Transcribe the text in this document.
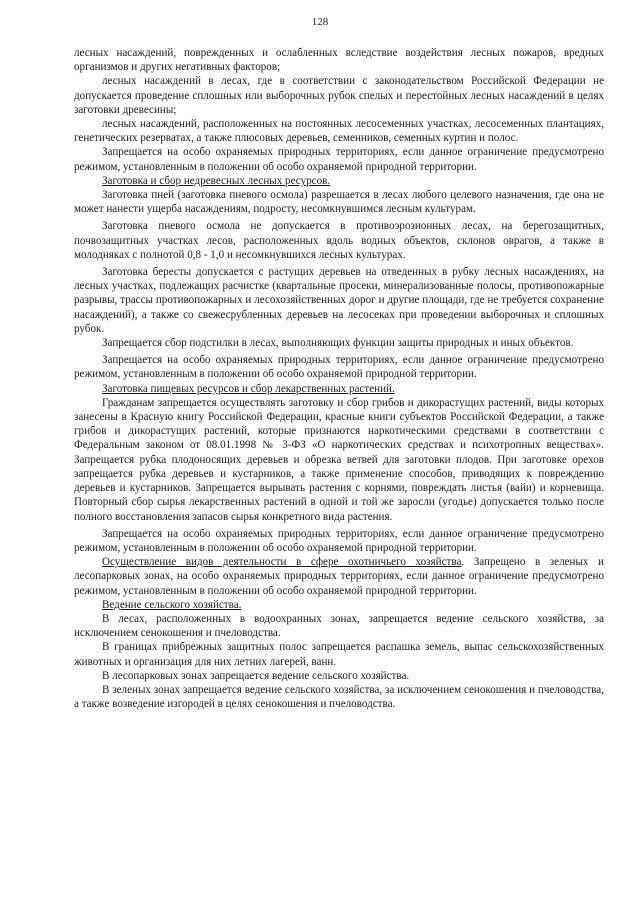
128

лесных насаждений, поврежденных и ослабленных вследствие воздействия лесных пожаров, вредных организмов и других негативных факторов;

лесных насаждений в лесах, где в соответствии с законодательством Российской Федерации не допускается проведение сплошных или выборочных рубок спелых и перестойных лесных насаждений в целях заготовки древесины;

лесных насаждений, расположенных на постоянных лесосеменных участках, лесосеменных плантациях, генетических резерватах, а также плюсовых деревьев, семенников, семенных куртин и полос.

Запрещается на особо охраняемых природных территориях, если данное ограничение предусмотрено режимом, установленным в положении об особо охраняемой природной территории.

Заготовка и сбор недревесных лесных ресурсов.

Заготовка пней (заготовка пневого осмола) разрешается в лесах любого целевого назначения, где она не может нанести ущерба насаждениям, подросту, несомкнувшимся лесным культурам.

Заготовка пневого осмола не допускается в противоэрозионных лесах, на берегозащитных, почвозащитных участках лесов, расположенных вдоль водных объектов, склонов оврагов, а также в молодняках с полнотой 0,8 - 1,0 и несомкнувшихся лесных культурах.

Заготовка бересты допускается с растущих деревьев на отведенных в рубку лесных насаждениях, на лесных участках, подлежащих расчистке (квартальные просеки, минерализованные полосы, противопожарные разрывы, трассы противопожарных и лесохозяйственных дорог и другие площади, где не требуется сохранение насаждений), а также со свежесрубленных деревьев на лесосеках при проведении выборочных и сплошных рубок.

Запрещается сбор подстилки в лесах, выполняющих функции защиты природных и иных объектов.

Запрещается на особо охраняемых природных территориях, если данное ограничение предусмотрено режимом, установленным в положении об особо охраняемой природной территории.

Заготовка пищевых ресурсов и сбор лекарственных растений.

Гражданам запрещается осуществлять заготовку и сбор грибов и дикорастущих растений, виды которых занесены в Красную книгу Российской Федерации, красные книги субъектов Российской Федерации, а также грибов и дикорастущих растений, которые признаются наркотическими средствами в соответствии с Федеральным законом от 08.01.1998 № 3-ФЗ «О наркотических средствах и психотропных веществах». Запрещается рубка плодоносящих деревьев и обрезка ветвей для заготовки плодов. При заготовке орехов запрещается рубка деревьев и кустарников, а также применение способов, приводящих к повреждению деревьев и кустарников. Запрещается вырывать растения с корнями, повреждать листья (вайи) и корневища. Повторный сбор сырья лекарственных растений в одной и той же заросли (угодье) допускается только после полного восстановления запасов сырья конкретного вида растения.

Запрещается на особо охраняемых природных территориях, если данное ограничение предусмотрено режимом, установленным в положении об особо охраняемой природной территории.

Осуществление видов деятельности в сфере охотничьего хозяйства. Запрещено в зеленых и лесопарковых зонах, на особо охраняемых природных территориях, если данное ограничение предусмотрено режимом, установленным в положении об особо охраняемой природной территории.

Ведение сельского хозяйства.

В лесах, расположенных в водоохранных зонах, запрещается ведение сельского хозяйства, за исключением сенокошения и пчеловодства.

В границах прибрежных защитных полос запрещается распашка земель, выпас сельскохозяйственных животных и организация для них летних лагерей, ванн.

В лесопарковых зонах запрещается ведение сельского хозяйства.

В зеленых зонах запрещается ведение сельского хозяйства, за исключением сенокошения и пчеловодства, а также возведение изгородей в целях сенокошения и пчеловодства.
